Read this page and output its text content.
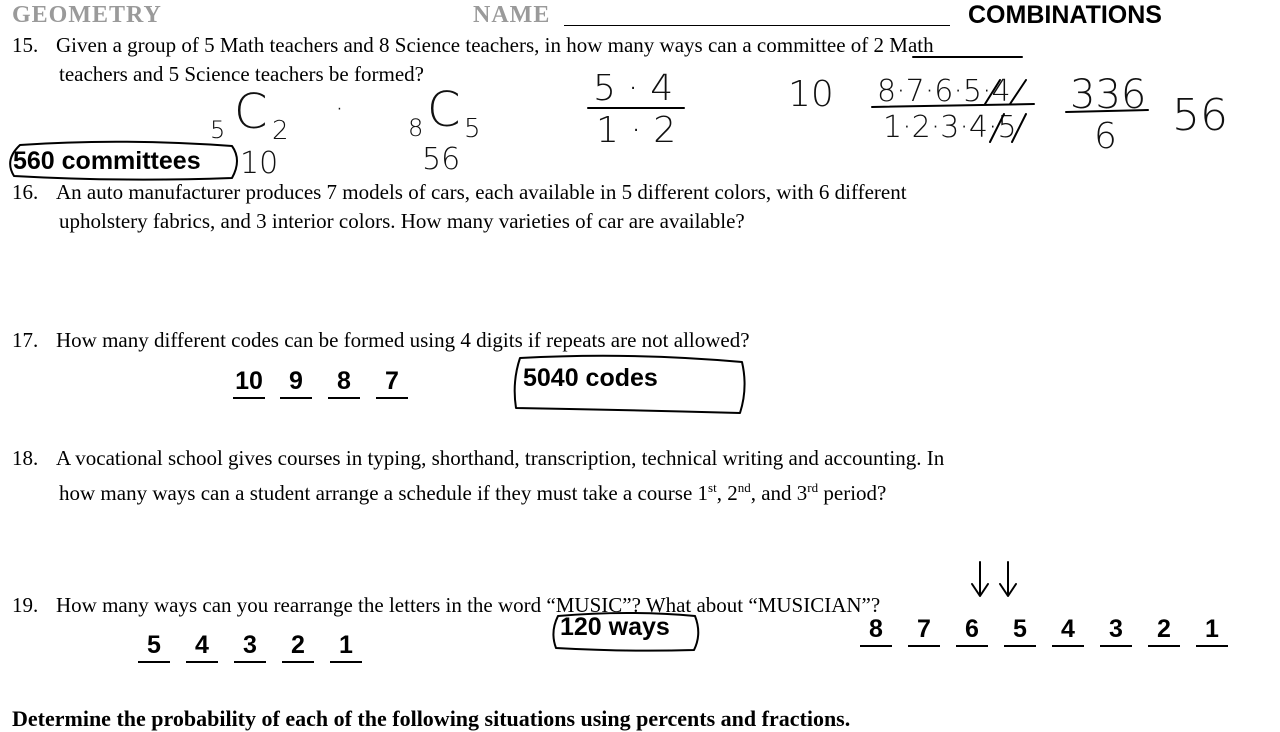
GEOMETRY	NAME	COMBINATIONS
15. Given a group of 5 Math teachers and 8 Science teachers, in how many ways can a committee of 2 Math
teachers and 5 Science teachers be formed?
5 C 2
·
8 C 5
10	56
5 · 4
1 · 2
10 8·7·6·5·4
1·2·3·4·5
336
6 56
560 committees
16. An auto manufacturer produces 7 models of cars, each available in 5 different colors, with 6 different
upholstery fabrics, and 3 interior colors. How many varieties of car are available?
17. How many different codes can be formed using 4 digits if repeats are not allowed?
10	9	8	7	5040 codes
18. A vocational school gives courses in typing, shorthand, transcription, technical writing and accounting. In
how many ways can a student arrange a schedule if they must take a course 1st, 2nd, and 3rd period?
19. How many ways can you rearrange the letters in the word “MUSIC”? What about “MUSICIAN”?
5	4	3	2	1
120 ways	8	7	6	5	4	3	2	1
Determine the probability of each of the following situations using percents and fractions.
